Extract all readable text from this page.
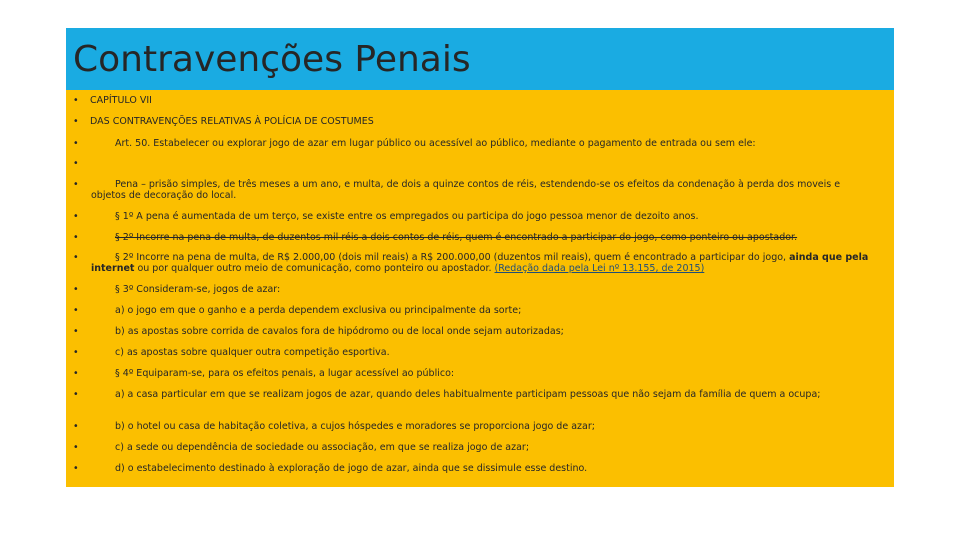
Contravenções Penais
•	CAPÍTULO VII
•	DAS CONTRAVENÇÕES RELATIVAS À POLÍCIA DE COSTUMES
•	Art. 50. Estabelecer ou explorar jogo de azar em lugar público ou acessível ao público, mediante o pagamento de entrada ou sem ele:
•
•	Pena – prisão simples, de três meses a um ano, e multa, de dois a quinze contos de réis, estendendo-se os efeitos da condenação à perda dos moveis e objetos de decoração do local.
•	§ 1º A pena é aumentada de um terço, se existe entre os empregados ou participa do jogo pessoa menor de dezoito anos.
•	§ 2º Incorre na pena de multa, de duzentos mil réis a dois contos de réis, quem é encontrado a participar do jogo, como ponteiro ou apostador.
•	§ 2º Incorre na pena de multa, de R$ 2.000,00 (dois mil reais) a R$ 200.000,00 (duzentos mil reais), quem é encontrado a participar do jogo, ainda que pela internet ou por qualquer outro meio de comunicação, como ponteiro ou apostador. (Redação dada pela Lei nº 13.155, de 2015)
•	§ 3º Consideram-se, jogos de azar:
•	a) o jogo em que o ganho e a perda dependem exclusiva ou principalmente da sorte;
•	b) as apostas sobre corrida de cavalos fora de hipódromo ou de local onde sejam autorizadas;
•	c) as apostas sobre qualquer outra competição esportiva.
•	§ 4º Equiparam-se, para os efeitos penais, a lugar acessível ao público:
•	a) a casa particular em que se realizam jogos de azar, quando deles habitualmente participam pessoas que não sejam da família de quem a ocupa;
•	b) o hotel ou casa de habitação coletiva, a cujos hóspedes e moradores se proporciona jogo de azar;
•	c) a sede ou dependência de sociedade ou associação, em que se realiza jogo de azar;
•	d) o estabelecimento destinado à exploração de jogo de azar, ainda que se dissimule esse destino.
